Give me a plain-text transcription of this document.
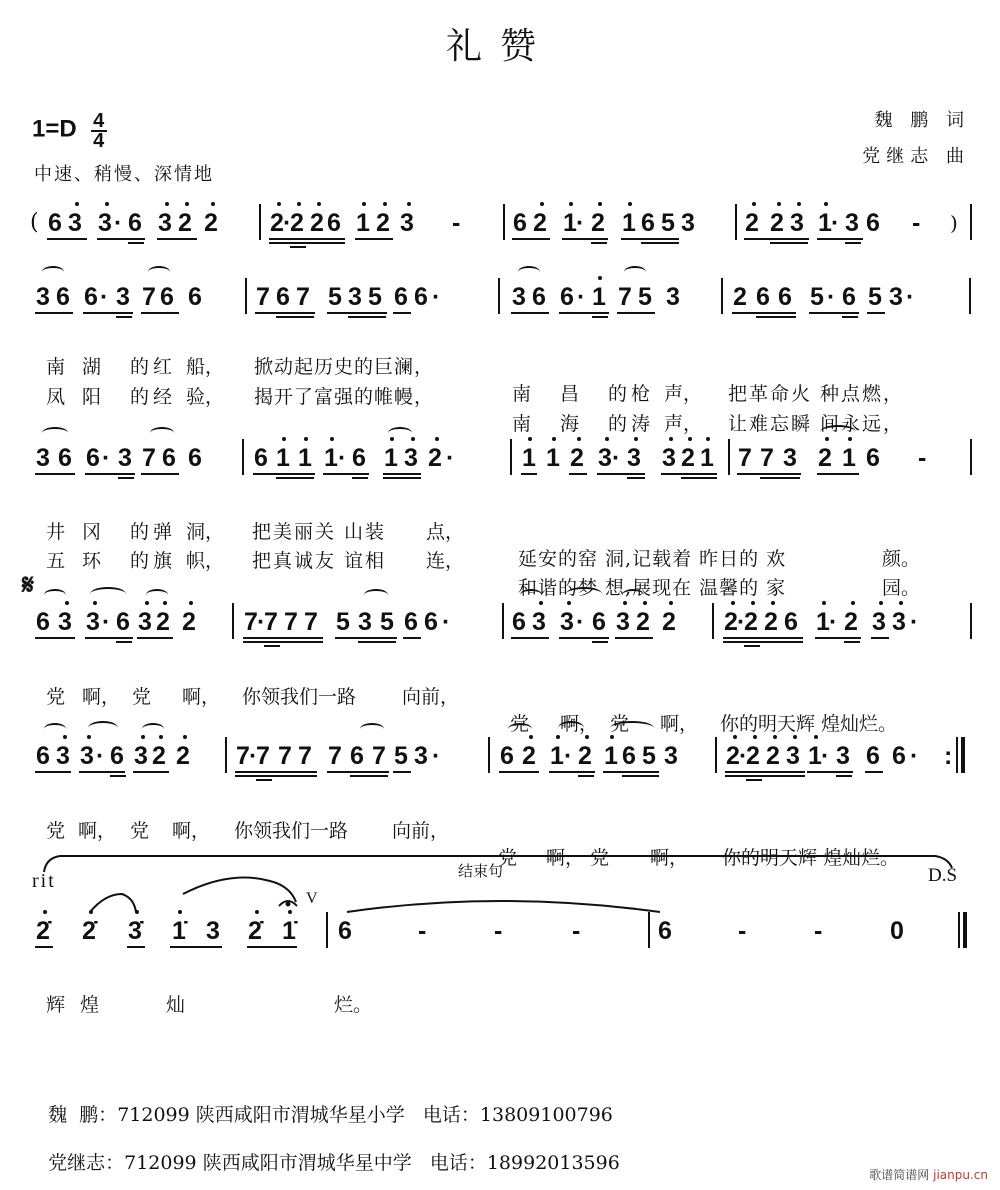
礼赞
$1=D \frac{4}{4}$
中速、稍慢、深情地
魏 鹏 词
党继志 曲
( 6 3 3 · 6 3 2 2 2 ·
2 2 6 1 2 3 - 6 2 1 · 2 1 6 5 3 2 2 3 1 · 3 6 - )
3 6 6 · 3 7 6 6 7 6 7 5 3 5 6 6 ·	3 6 6 · 1 7 5 3 2 6 6 5 · 6 5 3 ·

南 湖 的红 船， 掀动起历史的巨澜，

南 昌 的枪 声， 把革命火 种点燃，

凤 阳 的经 验， 揭开了富强的帷幔，

南 海 的涛 声， 让难忘瞬 间永远，

3 6 6 · 3 7 6 6 6 1 1 1 · 6 1 3 2 ·	1 1 2 3 · 3 3 2 1 7 7 3 2 1 6 -

井 冈 的弹 洞， 把美丽关 山装 点，

延安的窑 洞,记载着 昨日的 欢	颜。

五 环 的旗 帜， 把真诚友 谊相 连，

和谐的梦 想,展现在 温馨的 家	园。

𝄋
6 3 3 · 6 3 2 2 7 ·
7 7 7 5 3 5 6 6 · 6 3 3 · 6 3 2 2 2 ·
2 2 6 1 · 2 3 3 ·

党 啊， 党 啊， 你领我们一路 向前，

党 啊， 党 啊， 你的明天辉 煌灿烂。

6 3 3 · 6 3 2 2 7 ·
7 7 7 7 6 7 5 3 · 6 2 1 · 2 1 6 5 3 2 ·
2 2 3 1 · 3 6 6 · :

党 啊， 党 啊， 你领我们一路 向前，

党 啊， 党 啊， 你的明天辉 煌灿烂。

D.S

结束句
rit
V
2̇ 2̇ 3̇ 1̇ 3 2̇ 1̇ 6	-	-	-	6	-	-	0

辉 煌	灿	烂。

魏  鹏：712099 陕西咸阳市渭城华星小学 电话：13809100796

党继志：712099 陕西咸阳市渭城华星中学 电话：18992013596

歌谱简谱网 jianpu.cn
